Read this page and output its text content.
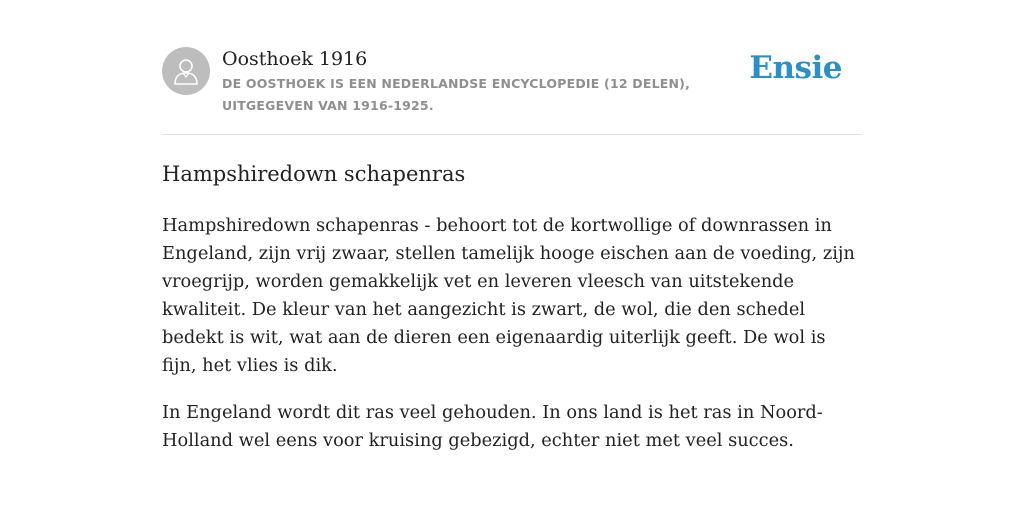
Oosthoek 1916
DE OOSTHOEK IS EEN NEDERLANDSE ENCYCLOPEDIE (12 DELEN), UITGEGEVEN VAN 1916-1925.
Ensie
Hampshiredown schapenras

Hampshiredown schapenras - behoort tot de kortwollige of downrassen in Engeland, zijn vrij zwaar, stellen tamelijk hooge eischen aan de voeding, zijn vroegrijp, worden gemakkelijk vet en leveren vleesch van uitstekende kwaliteit. De kleur van het aangezicht is zwart, de wol, die den schedel bedekt is wit, wat aan de dieren een eigenaardig uiterlijk geeft. De wol is fijn, het vlies is dik.

In Engeland wordt dit ras veel gehouden. In ons land is het ras in Noord-Holland wel eens voor kruising gebezigd, echter niet met veel succes.
